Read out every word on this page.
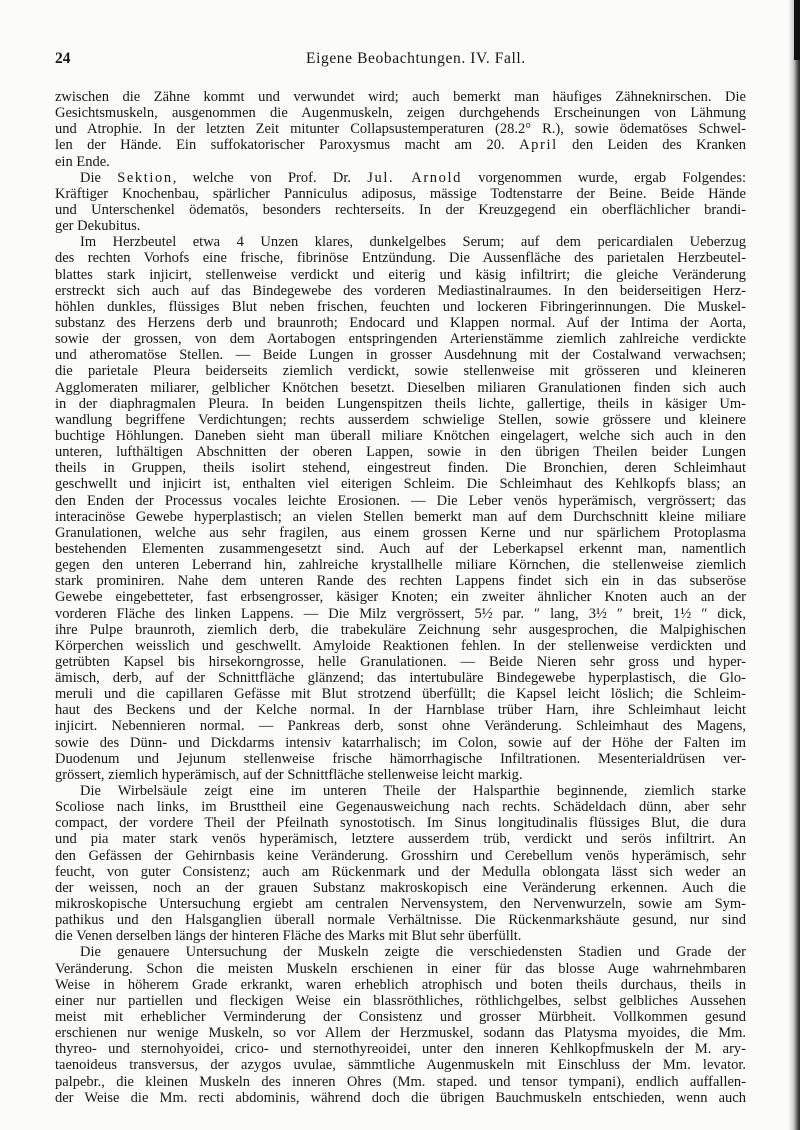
24	Eigene Beobachtungen. IV. Fall.
zwischen die Zähne kommt und verwundet wird; auch bemerkt man häufiges Zähneknirschen. Die
Gesichtsmuskeln, ausgenommen die Augenmuskeln, zeigen durchgehends Erscheinungen von Lähmung
und Atrophie. In der letzten Zeit mitunter Collapsustemperaturen (28.2° R.), sowie ödematöses Schwel-
len der Hände. Ein suffokatorischer Paroxysmus macht am 20. April den Leiden des Kranken
ein Ende.
Die Sektion, welche von Prof. Dr. Jul. Arnold vorgenommen wurde, ergab Folgendes:
Kräftiger Knochenbau, spärlicher Panniculus adiposus, mässige Todtenstarre der Beine. Beide Hände
und Unterschenkel ödematös, besonders rechterseits. In der Kreuzgegend ein oberflächlicher brandi-
ger Dekubitus.
Im Herzbeutel etwa 4 Unzen klares, dunkelgelbes Serum; auf dem pericardialen Ueberzug
des rechten Vorhofs eine frische, fibrinöse Entzündung. Die Aussenfläche des parietalen Herzbeutel-
blattes stark injicirt, stellenweise verdickt und eiterig und käsig infiltrirt; die gleiche Veränderung
erstreckt sich auch auf das Bindegewebe des vorderen Mediastinalraumes. In den beiderseitigen Herz-
höhlen dunkles, flüssiges Blut neben frischen, feuchten und lockeren Fibringerinnungen. Die Muskel-
substanz des Herzens derb und braunroth; Endocard und Klappen normal. Auf der Intima der Aorta,
sowie der grossen, von dem Aortabogen entspringenden Arterienstämme ziemlich zahlreiche verdickte
und atheromatöse Stellen. — Beide Lungen in grosser Ausdehnung mit der Costalwand verwachsen;
die parietale Pleura beiderseits ziemlich verdickt, sowie stellenweise mit grösseren und kleineren
Agglomeraten miliarer, gelblicher Knötchen besetzt. Dieselben miliaren Granulationen finden sich auch
in der diaphragmalen Pleura. In beiden Lungenspitzen theils lichte, gallertige, theils in käsiger Um-
wandlung begriffene Verdichtungen; rechts ausserdem schwielige Stellen, sowie grössere und kleinere
buchtige Höhlungen. Daneben sieht man überall miliare Knötchen eingelagert, welche sich auch in den
unteren, lufthältigen Abschnitten der oberen Lappen, sowie in den übrigen Theilen beider Lungen
theils in Gruppen, theils isolirt stehend, eingestreut finden. Die Bronchien, deren Schleimhaut
geschwellt und injicirt ist, enthalten viel eiterigen Schleim. Die Schleimhaut des Kehlkopfs blass; an
den Enden der Processus vocales leichte Erosionen. — Die Leber venös hyperämisch, vergrössert; das
interacinöse Gewebe hyperplastisch; an vielen Stellen bemerkt man auf dem Durchschnitt kleine miliare
Granulationen, welche aus sehr fragilen, aus einem grossen Kerne und nur spärlichem Protoplasma
bestehenden Elementen zusammengesetzt sind. Auch auf der Leberkapsel erkennt man, namentlich
gegen den unteren Leberrand hin, zahlreiche krystallhelle miliare Körnchen, die stellenweise ziemlich
stark prominiren. Nahe dem unteren Rande des rechten Lappens findet sich ein in das subseröse
Gewebe eingebetteter, fast erbsengrosser, käsiger Knoten; ein zweiter ähnlicher Knoten auch an der
vorderen Fläche des linken Lappens. — Die Milz vergrössert, 5½ par. ″ lang, 3½ ″ breit, 1½ ″ dick,
ihre Pulpe braunroth, ziemlich derb, die trabekuläre Zeichnung sehr ausgesprochen, die Malpighischen
Körperchen weisslich und geschwellt. Amyloide Reaktionen fehlen. In der stellenweise verdickten und
getrübten Kapsel bis hirsekorngrosse, helle Granulationen. — Beide Nieren sehr gross und hyper-
ämisch, derb, auf der Schnittfläche glänzend; das intertubuläre Bindegewebe hyperplastisch, die Glo-
meruli und die capillaren Gefässe mit Blut strotzend überfüllt; die Kapsel leicht löslich; die Schleim-
haut des Beckens und der Kelche normal. In der Harnblase trüber Harn, ihre Schleimhaut leicht
injicirt. Nebennieren normal. — Pankreas derb, sonst ohne Veränderung. Schleimhaut des Magens,
sowie des Dünn- und Dickdarms intensiv katarrhalisch; im Colon, sowie auf der Höhe der Falten im
Duodenum und Jejunum stellenweise frische hämorrhagische Infiltrationen. Mesenterialdrüsen ver-
grössert, ziemlich hyperämisch, auf der Schnittfläche stellenweise leicht markig.
Die Wirbelsäule zeigt eine im unteren Theile der Halsparthie beginnende, ziemlich starke
Scoliose nach links, im Brusttheil eine Gegenausweichung nach rechts. Schädeldach dünn, aber sehr
compact, der vordere Theil der Pfeilnath synostotisch. Im Sinus longitudinalis flüssiges Blut, die dura
und pia mater stark venös hyperämisch, letztere ausserdem trüb, verdickt und serös infiltrirt. An
den Gefässen der Gehirnbasis keine Veränderung. Grosshirn und Cerebellum venös hyperämisch, sehr
feucht, von guter Consistenz; auch am Rückenmark und der Medulla oblongata lässt sich weder an
der weissen, noch an der grauen Substanz makroskopisch eine Veränderung erkennen. Auch die
mikroskopische Untersuchung ergiebt am centralen Nervensystem, den Nervenwurzeln, sowie am Sym-
pathikus und den Halsganglien überall normale Verhältnisse. Die Rückenmarkshäute gesund, nur sind
die Venen derselben längs der hinteren Fläche des Marks mit Blut sehr überfüllt.
Die genauere Untersuchung der Muskeln zeigte die verschiedensten Stadien und Grade der
Veränderung. Schon die meisten Muskeln erschienen in einer für das blosse Auge wahrnehmbaren
Weise in höherem Grade erkrankt, waren erheblich atrophisch und boten theils durchaus, theils in
einer nur partiellen und fleckigen Weise ein blassröthliches, röthlichgelbes, selbst gelbliches Aussehen
meist mit erheblicher Verminderung der Consistenz und grosser Mürbheit. Vollkommen gesund
erschienen nur wenige Muskeln, so vor Allem der Herzmuskel, sodann das Platysma myoides, die Mm.
thyreo- und sternohyoidei, crico- und sternothyreoidei, unter den inneren Kehlkopfmuskeln der M. ary-
taenoideus transversus, der azygos uvulae, sämmtliche Augenmuskeln mit Einschluss der Mm. levator.
palpebr., die kleinen Muskeln des inneren Ohres (Mm. staped. und tensor tympani), endlich auffallen-
der Weise die Mm. recti abdominis, während doch die übrigen Bauchmuskeln entschieden, wenn auch
